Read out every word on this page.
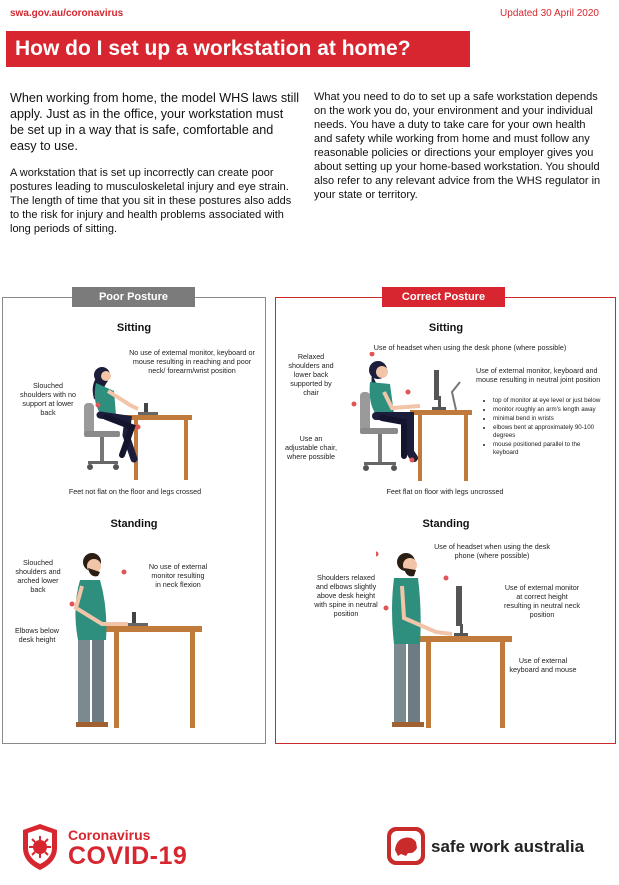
swa.gov.au/coronavirus	Updated 30 April 2020
How do I set up a workstation at home?
When working from home, the model WHS laws still apply. Just as in the office, your workstation must be set up in a way that is safe, comfortable and easy to use.
A workstation that is set up incorrectly can create poor postures leading to musculoskeletal injury and eye strain. The length of time that you sit in these postures also adds to the risk for injury and health problems associated with long periods of sitting.
What you need to do to set up a safe workstation depends on the work you do, your environment and your individual needs. You have a duty to take care for your own health and safety while working from home and must follow any reasonable policies or directions your employer gives you about setting up your home-based workstation. You should also refer to any relevant advice from the WHS regulator in your state or territory.
Poor Posture	Correct Posture
Sitting
No use of external monitor, keyboard or mouse resulting in reaching and poor neck/ forearm/wrist position
Slouched shoulders with no support at lower back
Feet not flat on the floor and legs crossed
Standing
Slouched shoulders and arched lower back
No use of external monitor resulting in neck flexion
Elbows below desk height
Sitting
Use of headset when using the desk phone (where possible)
Relaxed shoulders and lower back supported by chair
Use of external monitor, keyboard and mouse resulting in neutral joint position
• top of monitor at eye level or just below
• monitor roughly an arm's length away
• minimal bend in wrists
• elbows bent at approximately 90-100 degrees
• mouse positioned parallel to the keyboard
Use an adjustable chair, where possible
Feet flat on floor with legs uncrossed
Standing
Use of headset when using the desk phone (where possible)
Shoulders relaxed and elbows slightly above desk height with spine in neutral position
Use of external monitor at correct height resulting in neutral neck position
Use of external keyboard and mouse
Coronavirus
COVID-19	safe work australia
